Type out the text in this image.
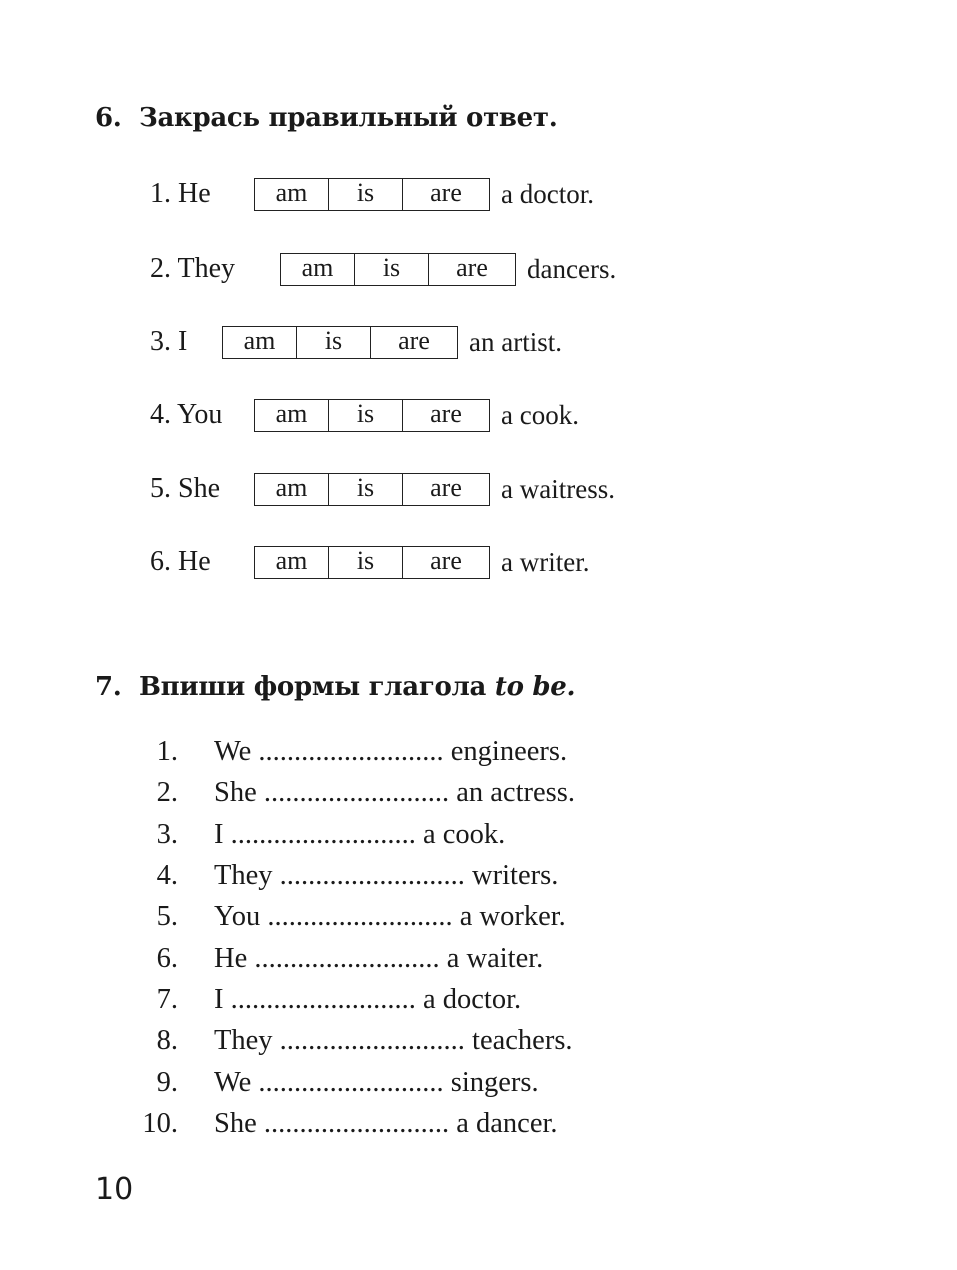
6. Закрась правильный ответ.
1. He	am	is	are	a doctor.
2. They	am	is	are	dancers.
3. I	am	is	are	an artist.
4. You	am	is	are	a cook.
5. She	am	is	are	a waitress.
6. He	am	is	are	a writer.
7. Впиши формы глагола to be.
1. We .......................... engineers.
2. She .......................... an actress.
3. I .......................... a cook.
4. They .......................... writers.
5. You .......................... a worker.
6. He .......................... a waiter.
7. I .......................... a doctor.
8. They .......................... teachers.
9. We .......................... singers.
10. She .......................... a dancer.
10
